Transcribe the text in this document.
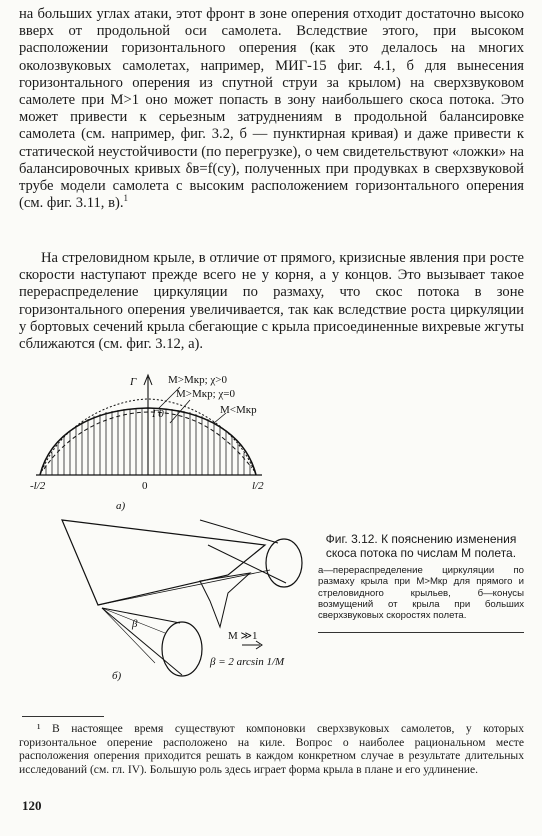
на больших углах атаки, этот фронт в зоне оперения отходит достаточно высоко вверх от продольной оси самолета. Вследствие этого, при высоком расположении горизонтального оперения (как это делалось на многих околозвуковых самолетах, например, МИГ-15 фиг. 4.1, б для вынесения горизонтального оперения из спутной струи за крылом) на сверхзвуковом самолете при M>1 оно может попасть в зону наибольшего скоса потока. Это может привести к серьезным затруднениям в продольной балансировке самолета (см. например, фиг. 3.2, б — пунктирная кривая) и даже привести к статической неустойчивости (по перегрузке), о чем свидетельствуют «ложки» на балансировочных кривых δв=f(cy), полученных при продувках в сверхзвуковой трубе модели самолета с высоким расположением горизонтального оперения (см. фиг. 3.11, в).$^1$

На стреловидном крыле, в отличие от прямого, кризисные явления при росте скорости наступают прежде всего не у корня, а у концов. Это вызывает такое перераспределение циркуляции по размаху, что скос потока в зоне горизонтального оперения увеличивается, так как вследствие роста циркуляции у бортовых сечений крыла сбегающие с крыла присоединенные вихревые жгуты сближаются (см. фиг. 3.12, а).

Γ
Γ0
M>Mкр; χ>0
M>Mкр; χ=0
M<Mкр
-l/2	0	l/2
а)
M ≫1
β
β = 2 arcsin 1/M
б)

Фиг. 3.12. К пояснению изменения скоса потока по числам М полета.

а—перераспределение циркуляции по размаху крыла при M>Mкр для прямого и стреловидного крыльев, б—конусы возмущений от крыла при больших сверхзвуковых скоростях полета.

¹ В настоящее время существуют компоновки сверхзвуковых самолетов, у которых горизонтальное оперение расположено на киле. Вопрос о наиболее рациональном месте расположения оперения приходится решать в каждом конкретном случае в результате длительных исследований (см. гл. IV). Большую роль здесь играет форма крыла в плане и его удлинение.

120
